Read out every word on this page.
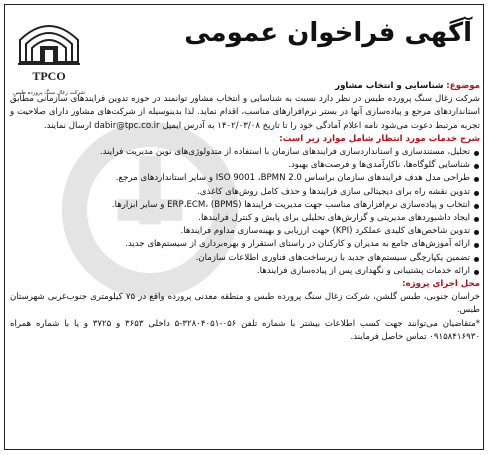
TPCO
شرکت زغال سنگ پرورده طبس
آگهی فراخوان عمومی

موضوع: شناسایی و انتخاب مشاور
شرکت زغال سنگ پرورده طبس در نظر دارد نسبت به شناسایی و انتخاب مشاور توانمند در حوزه تدوین فرایندهای سازمانی مطابق استانداردهای مرجع و پیاده‌سازی آنها در بستر نرم‌افزارهای مناسب، اقدام نماید. لذا بدینوسیله از شرکت‌های مشاور دارای صلاحیت و تجربه مرتبط دعوت می‌شود نامه اعلام آمادگی خود را تا تاریخ ۱۴۰۲/۰۳/۰۸ به آدرس ایمیل dabir@tpc.co.ir ارسال نمایند.

شرح خدمات مورد انتظار شامل موارد زیر است:
تحلیل، مستندسازی و استانداردسازی فرایندهای سازمان با استفاده از متدولوژی‌های نوین مدیریت فرایند.
شناسایی گلوگاه‌ها، ناکارآمدی‌ها و فرصت‌های بهبود.
طراحی مدل هدف فرایندهای سازمان براساس ISO 9001 ،BPMN 2.0 و سایر استانداردهای مرجع.
تدوین نقشه راه برای دیجیتالی سازی فرایندها و حذف کامل روش‌های کاغذی.
انتخاب و پیاده‌سازی نرم‌افزارهای مناسب جهت مدیریت فرایندها (BPMS) ،ERP،ECM و سایر ابزارها.
ایجاد داشبوردهای مدیریتی و گزارش‌های تحلیلی برای پایش و کنترل فرایندها.
تدوین شاخص‌های کلیدی عملکرد (KPI) جهت ارزیابی و بهینه‌سازی مداوم فرایندها.
ارائه آموزش‌های جامع به مدیران و کارکنان در راستای استقرار و بهره‌برداری از سیستم‌های جدید.
تضمین یکپارچگی سیستم‌های جدید با زیرساخت‌های فناوری اطلاعات سازمان.
ارائه خدمات پشتیبانی و نگهداری پس از پیاده‌سازی فرایندها.
محل اجرای پروژه:

خراسان جنوبی، طبس گلشن، شرکت زغال سنگ پرورده طبس و منطقه معدنی پرورده واقع در ۷۵ کیلومتری جنوب‌غربی شهرستان طبس.

*متقاضیان می‌توانند جهت کسب اطلاعات بیشتر با شماره تلفن ۰۵۶-۳۲۸۰۴۰۵۱-۵ داخلی ۳۶۵۳ و ۳۷۲۵ و یا با شماره همراه ۰۹۱۵۸۴۱۶۹۳۰ تماس حاصل فرمایند.
